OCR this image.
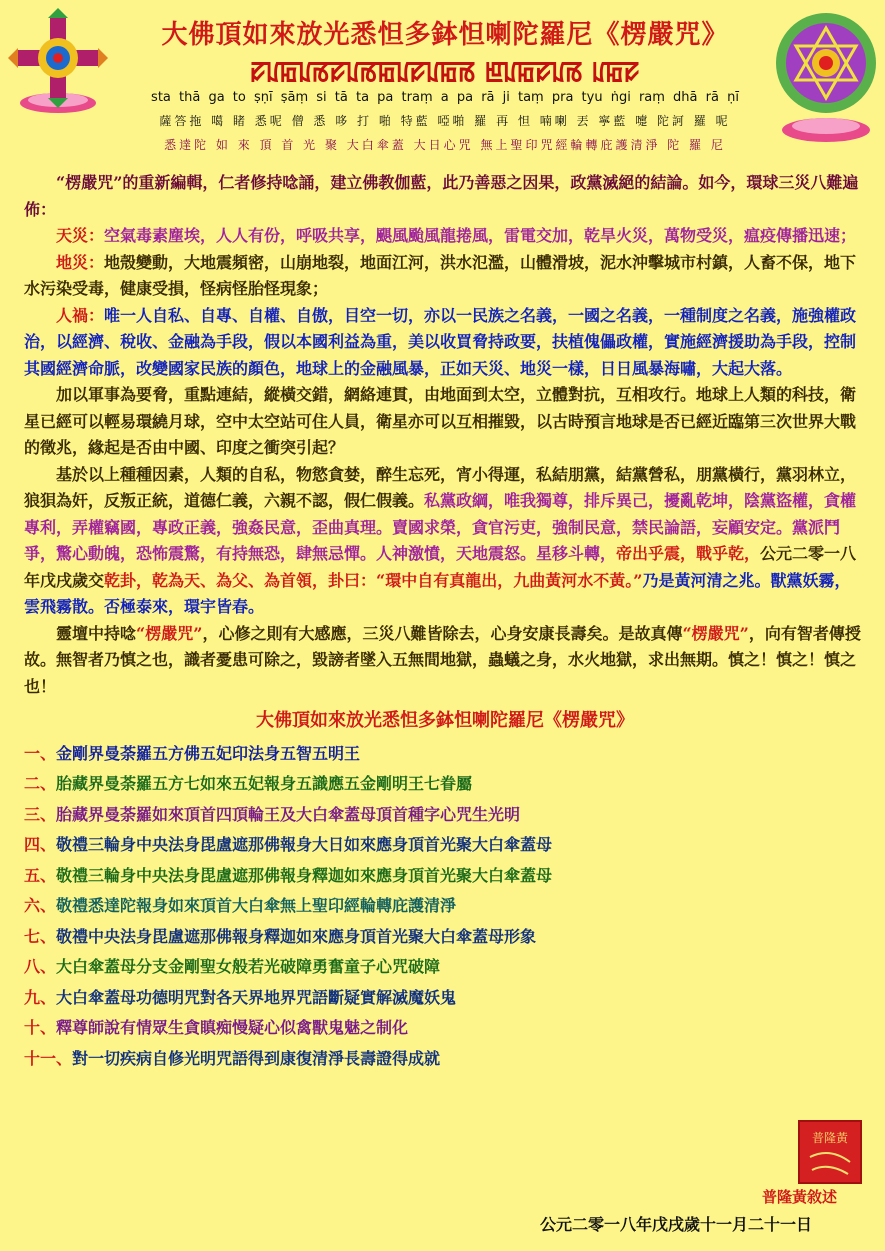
大佛頂如來放光悉怛多鉢怛喇陀羅尼《楞嚴咒》
ꡛꡊꡂꡊꡏꡛꡊꡏꡂꡊꡛꡊꡂꡏ ꡁꡊꡂꡛꡊꡏ ꡊꡂꡛ
sta thā ga to ṣṇī ṣāṃ si tā ta pa traṃ a pa rā ji taṃ pra tyu ṅgi raṃ dhā rā ṇī
薩答拖 噶 睹 悉呢 僧 悉 哆 打 啪 特藍 啞啪 羅 再 怛 喃喇 丟 寧藍 嚏 陀訶 羅 呢
悉達陀 如 來 頂 首 光 聚 大白傘蓋 大日心咒 無上聖印咒經輪轉庇護清淨 陀 羅 尼

“楞嚴咒”的重新編輯，仁者修持唸誦，建立佛教伽藍，此乃善惡之因果，政黨滅絕的結論。如今，環球三災八難遍佈：

天災：空氣毒素塵埃，人人有份，呼吸共享，颶風颱風龍捲風，雷電交加，乾旱火災，萬物受災，瘟疫傳播迅速；

地災：地殼變動，大地震頻密，山崩地裂，地面江河，洪水氾濫，山體滑坡，泥水沖擊城市村鎮，人畜不保，地下水污染受毒，健康受損，怪病怪胎怪現象；

人禍：唯一人自私、自專、自權、自傲，目空一切，亦以一民族之名義，一國之名義，一種制度之名義，施強權政治，以經濟、稅收、金融為手段，假以本國利益為重，美以收買脅持政要，扶植傀儡政權，實施經濟援助為手段，控制其國經濟命脈，改變國家民族的顏色，地球上的金融風暴，正如天災、地災一樣，日日風暴海嘯，大起大落。

加以軍事為要脅，重點連結，縱橫交錯，網絡連貫，由地面到太空，立體對抗，互相攻行。地球上人類的科技，衛星已經可以輕易環繞月球，空中太空站可住人員，衛星亦可以互相摧毀，以古時預言地球是否已經近臨第三次世界大戰的徵兆，緣起是否由中國、印度之衝突引起？

基於以上種種因素，人類的自私，物慾貪婪，醉生忘死，宵小得運，私結朋黨，結黨營私，朋黨橫行，黨羽林立，狼狽為奸，反叛正統，道德仁義，六親不認，假仁假義。私黨政綱，唯我獨尊，排斥異己，擾亂乾坤，陰黨盜權，貪權專利，弄權竊國，專政正義，強姦民意，歪曲真理。賣國求榮，貪官污吏，強制民意，禁民論語，妄顧安定。黨派鬥爭，驚心動魄，恐怖震驚，有持無恐，肆無忌憚。人神激憤，天地震怒。星移斗轉，帝出乎震，戰乎乾，公元二零一八年戊戌歲交乾卦，乾為天、為父、為首領，卦曰：“環中自有真龍出，九曲黃河水不黃。”乃是黃河清之兆。獸黨妖霧，雲飛霧散。否極泰來，環宇皆春。

靈壇中持唸“楞嚴咒”，心修之則有大感應，三災八難皆除去，心身安康長壽矣。是故真傳“楞嚴咒”，向有智者傳授故。無智者乃慎之也，識者憂患可除之，毀謗者墜入五無間地獄，蟲蟻之身，水火地獄，求出無期。慎之！慎之！慎之也！

大佛頂如來放光悉怛多鉢怛喇陀羅尼《楞嚴咒》
一、金剛界曼荼羅五方佛五妃印法身五智五明王
二、胎藏界曼荼羅五方七如來五妃報身五識應五金剛明王七眷屬
三、胎藏界曼荼羅如來頂首四頂輪王及大白傘蓋母頂首種字心咒生光明
四、敬禮三輪身中央法身毘盧遮那佛報身大日如來應身頂首光聚大白傘蓋母
五、敬禮三輪身中央法身毘盧遮那佛報身釋迦如來應身頂首光聚大白傘蓋母
六、敬禮悉達陀報身如來頂首大白傘無上聖印經輪轉庇護清淨
七、敬禮中央法身毘盧遮那佛報身釋迦如來應身頂首光聚大白傘蓋母形象
八、大白傘蓋母分支金剛聖女般若光破障勇奮童子心咒破障
九、大白傘蓋母功德明咒對各天界地界咒語斷疑實解滅魔妖鬼
十、釋尊師說有情眾生貪瞋痴慢疑心似禽獸鬼魅之制化
十一、對一切疾病自修光明咒語得到康復清淨長壽證得成就
普隆黃
普隆黃敘述
公元二零一八年戊戌歲十一月二十一日
